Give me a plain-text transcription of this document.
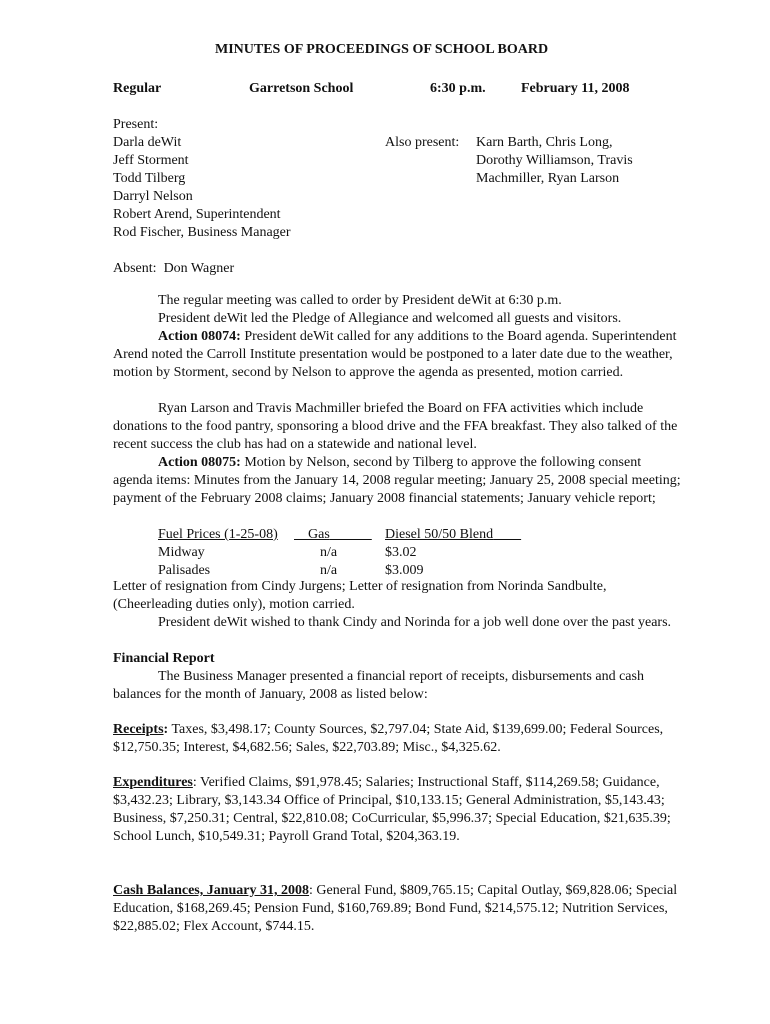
MINUTES OF PROCEEDINGS OF SCHOOL BOARD
Regular	Garretson School	6:30 p.m.	February 11, 2008
Present:
Darla deWit
Jeff Storment
Todd Tilberg
Darryl Nelson
Robert Arend, Superintendent
Rod Fischer, Business Manager
Also present: Karn Barth, Chris Long,
Dorothy Williamson, Travis
Machmiller, Ryan Larson
Absent: Don Wagner
The regular meeting was called to order by President deWit at 6:30 p.m.
President deWit led the Pledge of Allegiance and welcomed all guests and visitors.
Action 08074: President deWit called for any additions to the Board agenda. Superintendent Arend noted the Carroll Institute presentation would be postponed to a later date due to the weather, motion by Storment, second by Nelson to approve the agenda as presented, motion carried.
Ryan Larson and Travis Machmiller briefed the Board on FFA activities which include donations to the food pantry, sponsoring a blood drive and the FFA breakfast. They also talked of the recent success the club has had on a statewide and national level.
Action 08075: Motion by Nelson, second by Tilberg to approve the following consent agenda items: Minutes from the January 14, 2008 regular meeting; January 25, 2008 special meeting; payment of the February 2008 claims; January 2008 financial statements; January vehicle report;
Fuel Prices (1-25-08)	Gas	Diesel 50/50 Blend
Midway	n/a	$3.02
Palisades	n/a	$3.009
Letter of resignation from Cindy Jurgens; Letter of resignation from Norinda Sandbulte, (Cheerleading duties only), motion carried.
President deWit wished to thank Cindy and Norinda for a job well done over the past years.
Financial Report
The Business Manager presented a financial report of receipts, disbursements and cash balances for the month of January, 2008 as listed below:
Receipts: Taxes, $3,498.17; County Sources, $2,797.04; State Aid, $139,699.00; Federal Sources, $12,750.35; Interest, $4,682.56; Sales, $22,703.89; Misc., $4,325.62.
Expenditures: Verified Claims, $91,978.45; Salaries; Instructional Staff, $114,269.58; Guidance, $3,432.23; Library, $3,143.34 Office of Principal, $10,133.15; General Administration, $5,143.43; Business, $7,250.31; Central, $22,810.08; CoCurricular, $5,996.37; Special Education, $21,635.39; School Lunch, $10,549.31; Payroll Grand Total, $204,363.19.
Cash Balances, January 31, 2008: General Fund, $809,765.15; Capital Outlay, $69,828.06; Special Education, $168,269.45; Pension Fund, $160,769.89; Bond Fund, $214,575.12; Nutrition Services, $22,885.02; Flex Account, $744.15.
